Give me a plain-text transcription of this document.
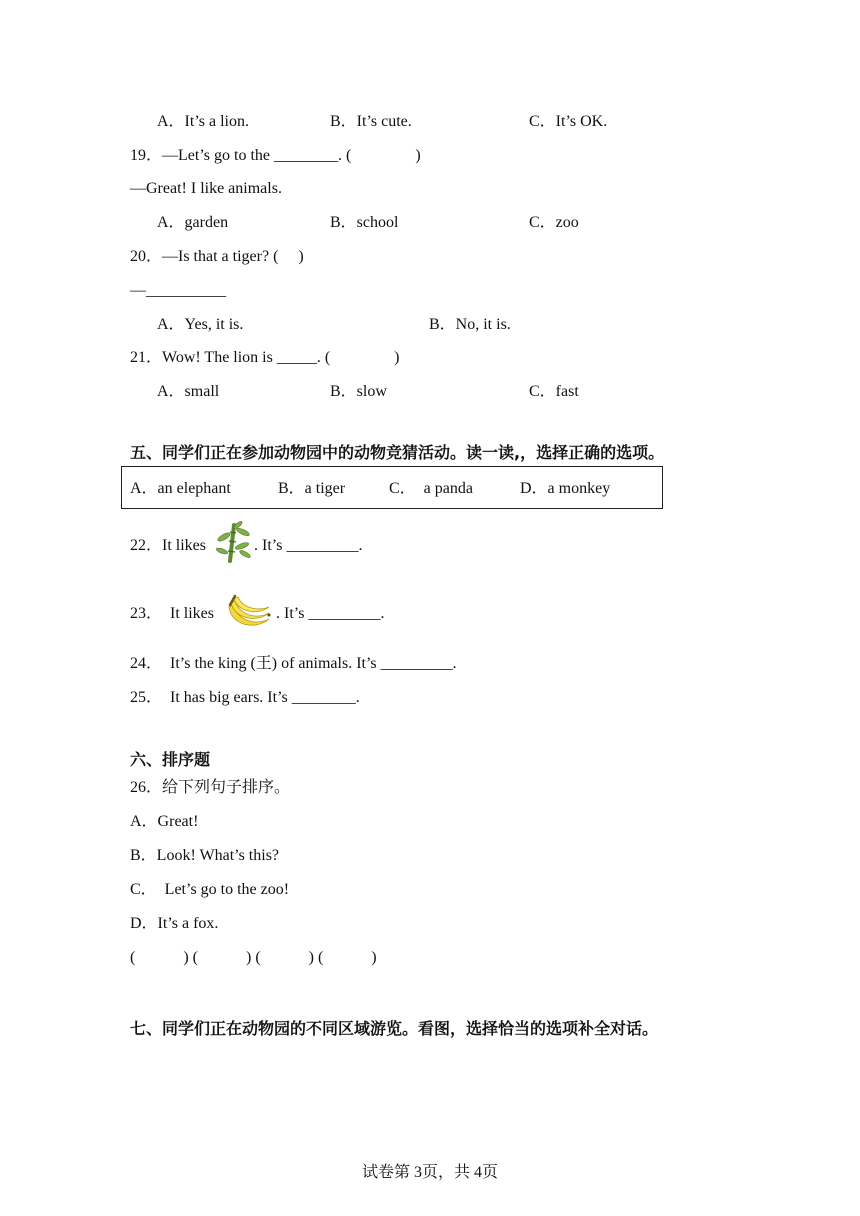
A．It’s a lion.	B．It’s cute.	C．It’s OK.
19．—Let’s go to the ________. (　　　　)
—Great! I like animals.
A．garden	B．school	C．zoo
20．—Is that a tiger? (　 )
—__________
A．Yes, it is.	B．No, it is.
21．Wow! The lion is _____. (　　　　)
A．small	B．slow	C．fast
五、同学们正在参加动物园中的动物竞猜活动。读一读,，选择正确的选项。
A．an elephant	B．a tiger	C．　a panda	D．a monkey
22．It likes	. It’s _________.
23．　It likes	. It’s _________.
24．　It’s the king (王) of animals. It’s _________.
25．　It has big ears. It’s ________.
六、排序题
26．给下列句子排序。
A．Great!
B．Look! What’s this?
C．　Let’s go to the zoo!
D．It’s a fox.
(　　　) (　　　) (　　　) (　　　)
七、同学们正在动物园的不同区域游览。看图，选择恰当的选项补全对话。
试卷第 3页，共 4页
